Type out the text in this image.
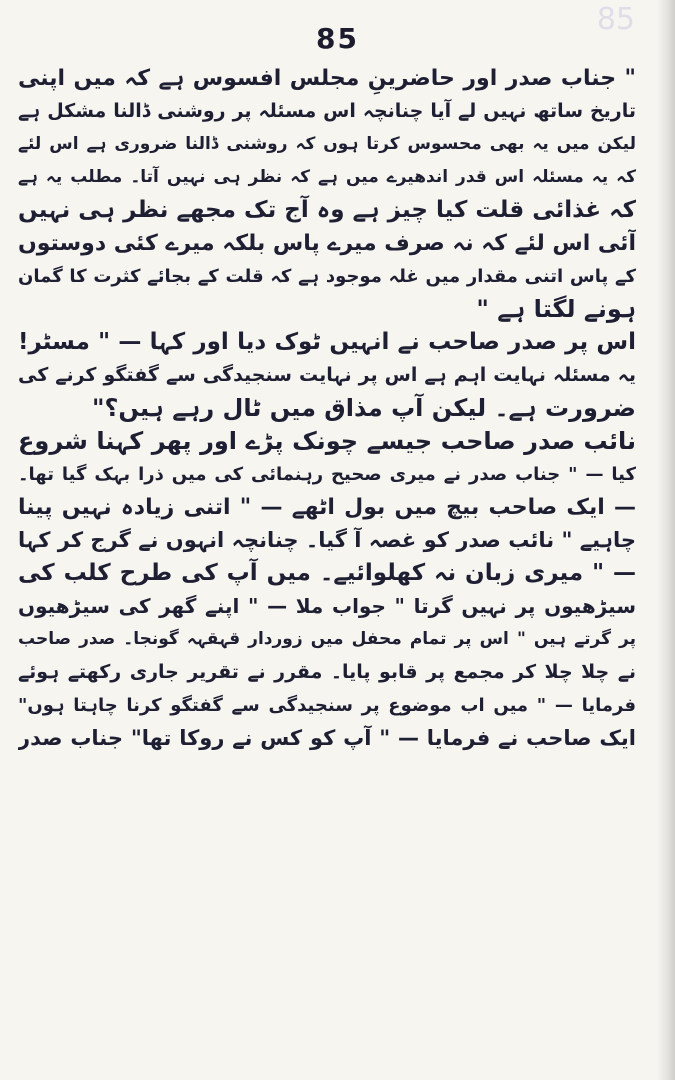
85
85
" جناب صدر اور حاضرینِ مجلس افسوس ہے کہ میں اپنی
تاریخ ساتھ نہیں لے آیا چنانچہ اس مسئلہ پر روشنی ڈالنا مشکل ہے
لیکن میں یہ بھی محسوس کرتا ہوں کہ روشنی ڈالنا ضروری ہے اس لئے
کہ یہ مسئلہ اس قدر اندھیرے میں ہے کہ نظر ہی نہیں آتا۔ مطلب یہ ہے
کہ غذائی قلت کیا چیز ہے وہ آج تک مجھے نظر ہی نہیں
آئی اس لئے کہ نہ صرف میرے پاس بلکہ میرے کئی دوستوں
کے پاس اتنی مقدار میں غلہ موجود ہے کہ قلت کے بجائے کثرت کا گمان
ہونے لگتا ہے "
اس پر صدر صاحب نے انہیں ٹوک دیا اور کہا — " مسٹر!
یہ مسئلہ نہایت اہم ہے اس پر نہایت سنجیدگی سے گفتگو کرنے کی
ضرورت ہے۔ لیکن آپ مذاق میں ٹال رہے ہیں؟"
نائب صدر صاحب جیسے چونک پڑے اور پھر کہنا شروع
کیا — " جناب صدر نے میری صحیح رہنمائی کی میں ذرا بہک گیا تھا۔
— ایک صاحب بیچ میں بول اٹھے — " اتنی زیادہ نہیں پینا
چاہیے " نائب صدر کو غصہ آ گیا۔ چنانچہ انہوں نے گرج کر کہا
— " میری زبان نہ کھلوائیے۔ میں آپ کی طرح کلب کی
سیڑھیوں پر نہیں گرتا " جواب ملا — " اپنے گھر کی سیڑھیوں
پر گرتے ہیں " اس پر تمام محفل میں زوردار قہقہہ گونجا۔ صدر صاحب
نے چلا چلا کر مجمع پر قابو پایا۔ مقرر نے تقریر جاری رکھتے ہوئے
فرمایا — " میں اب موضوع پر سنجیدگی سے گفتگو کرنا چاہتا ہوں"
ایک صاحب نے فرمایا — " آپ کو کس نے روکا تھا" جناب صدر
